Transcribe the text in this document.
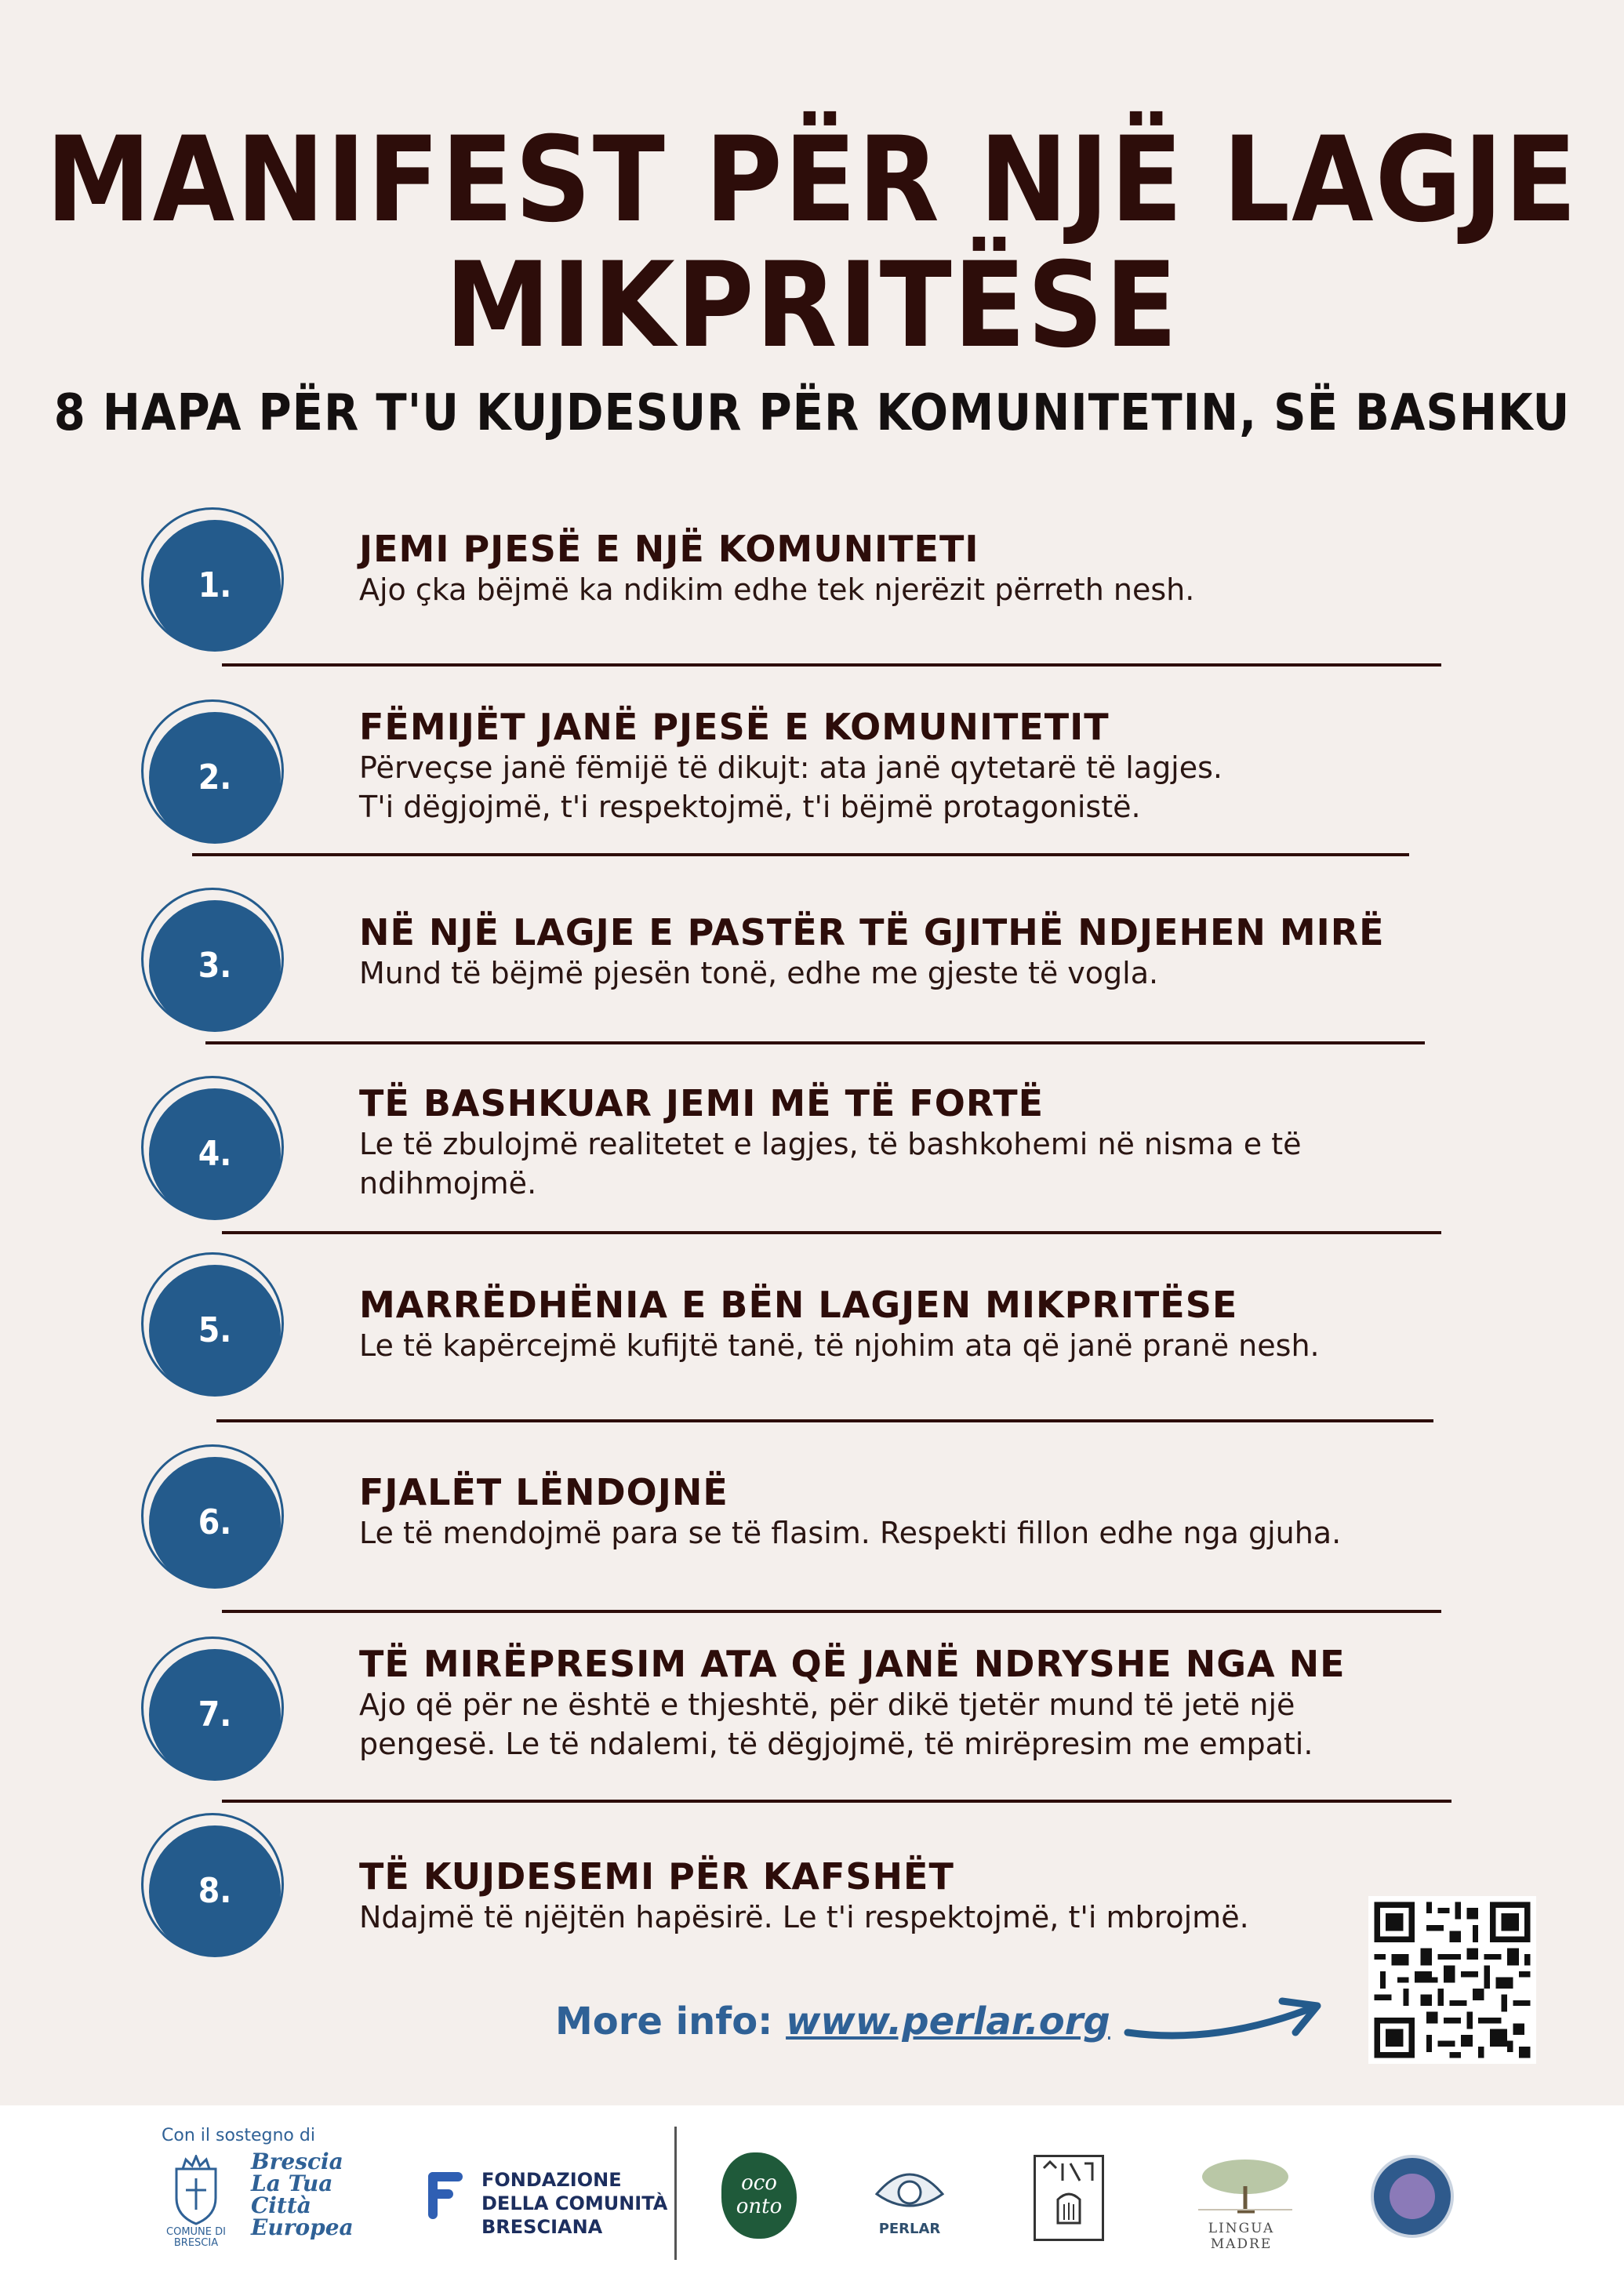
MANIFEST PËR NJË LAGJE
MIKPRITËSE
8 HAPA PËR T'U KUJDESUR PËR KOMUNITETIN, SË BASHKU
1.
JEMI PJESË E NJË KOMUNITETI
Ajo çka bëjmë ka ndikim edhe tek njerëzit përreth nesh.
2.
FËMIJËT JANË PJESË E KOMUNITETIT
Përveçse janë fëmijë të dikujt: ata janë qytetarë të lagjes.
T'i dëgjojmë, t'i respektojmë, t'i bëjmë protagonistë.
3.
NË NJË LAGJE E PASTËR TË GJITHË NDJEHEN MIRË
Mund të bëjmë pjesën tonë, edhe me gjeste të vogla.
4.
TË BASHKUAR JEMI MË TË FORTË
Le të zbulojmë realitetet e lagjes, të bashkohemi në nisma e të
ndihmojmë.
5.
MARRËDHËNIA E BËN LAGJEN MIKPRITËSE
Le të kapërcejmë kufijtë tanë, të njohim ata që janë pranë nesh.
6.
FJALËT LËNDOJNË
Le të mendojmë para se të flasim. Respekti fillon edhe nga gjuha.
7.
TË MIRËPRESIM ATA QË JANË NDRYSHE NGA NE
Ajo që për ne është e thjeshtë, për dikë tjetër mund të jetë një
pengesë. Le të ndalemi, të dëgjojmë, të mirëpresim me empati.
8.	TË KUJDESEMI PËR KAFSHËT
Ndajmë të njëjtën hapësirë. Le t'i respektojmë, t'i mbrojmë.
More info: www.perlar.org
Con il sostegno di
COMUNE DI BRESCIA
Brescia
La Tua Città
Europea
FONDAZIONE
DELLA COMUNITÀ
BRESCIANA
oco
onto
PERLAR	LINGUA MADRE
